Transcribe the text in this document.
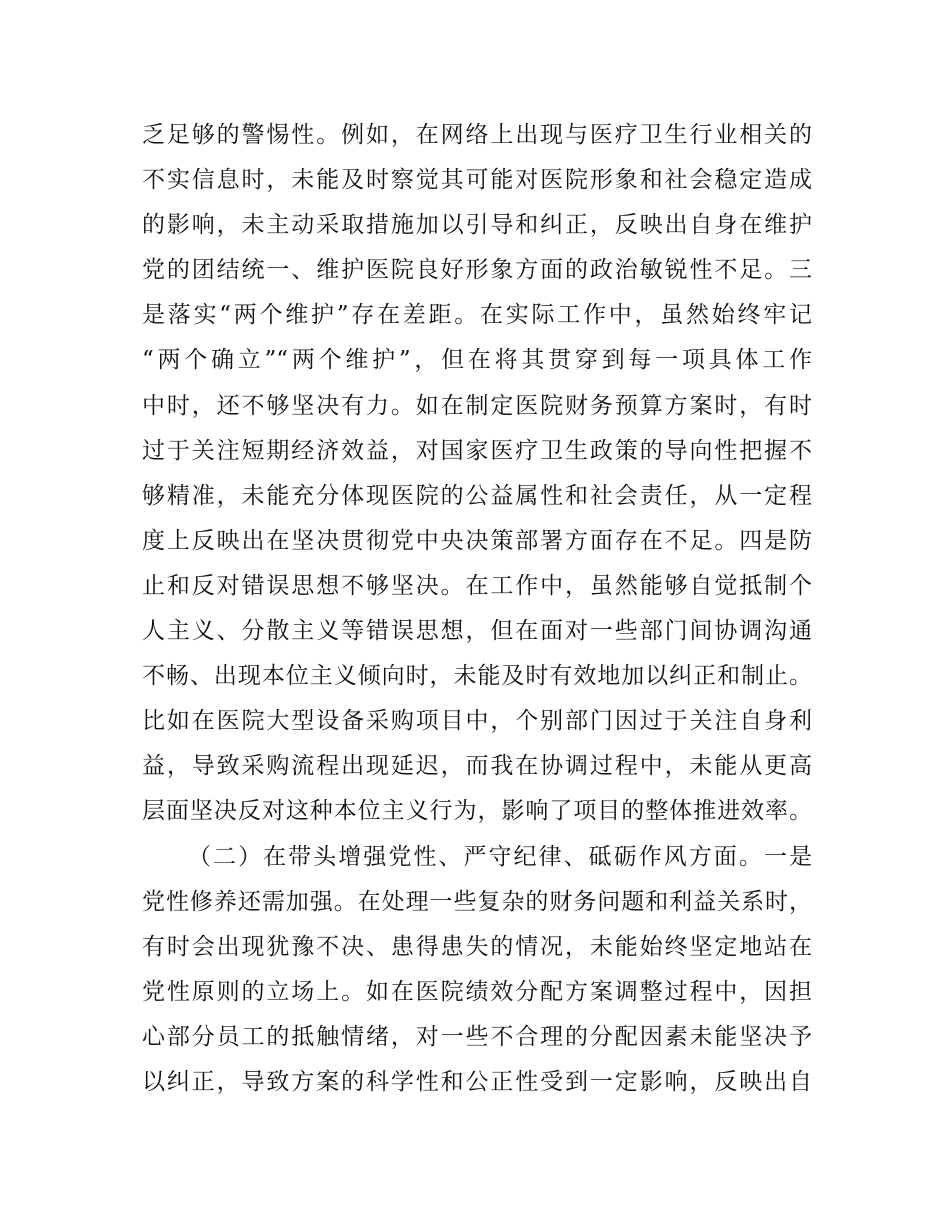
乏足够的警惕性。例如，在网络上出现与医疗卫生行业相关的
不实信息时，未能及时察觉其可能对医院形象和社会稳定造成
的影响，未主动采取措施加以引导和纠正，反映出自身在维护
党的团结统一、维护医院良好形象方面的政治敏锐性不足。三
是落实“两个维护”存在差距。在实际工作中，虽然始终牢记
“两个确立”“两个维护”，但在将其贯穿到每一项具体工作
中时，还不够坚决有力。如在制定医院财务预算方案时，有时
过于关注短期经济效益，对国家医疗卫生政策的导向性把握不
够精准，未能充分体现医院的公益属性和社会责任，从一定程
度上反映出在坚决贯彻党中央决策部署方面存在不足。四是防
止和反对错误思想不够坚决。在工作中，虽然能够自觉抵制个
人主义、分散主义等错误思想，但在面对一些部门间协调沟通
不畅、出现本位主义倾向时，未能及时有效地加以纠正和制止。
比如在医院大型设备采购项目中，个别部门因过于关注自身利
益，导致采购流程出现延迟，而我在协调过程中，未能从更高
层面坚决反对这种本位主义行为，影响了项目的整体推进效率。
（二）在带头增强党性、严守纪律、砥砺作风方面。一是
党性修养还需加强。在处理一些复杂的财务问题和利益关系时，
有时会出现犹豫不决、患得患失的情况，未能始终坚定地站在
党性原则的立场上。如在医院绩效分配方案调整过程中，因担
心部分员工的抵触情绪，对一些不合理的分配因素未能坚决予
以纠正，导致方案的科学性和公正性受到一定影响，反映出自
